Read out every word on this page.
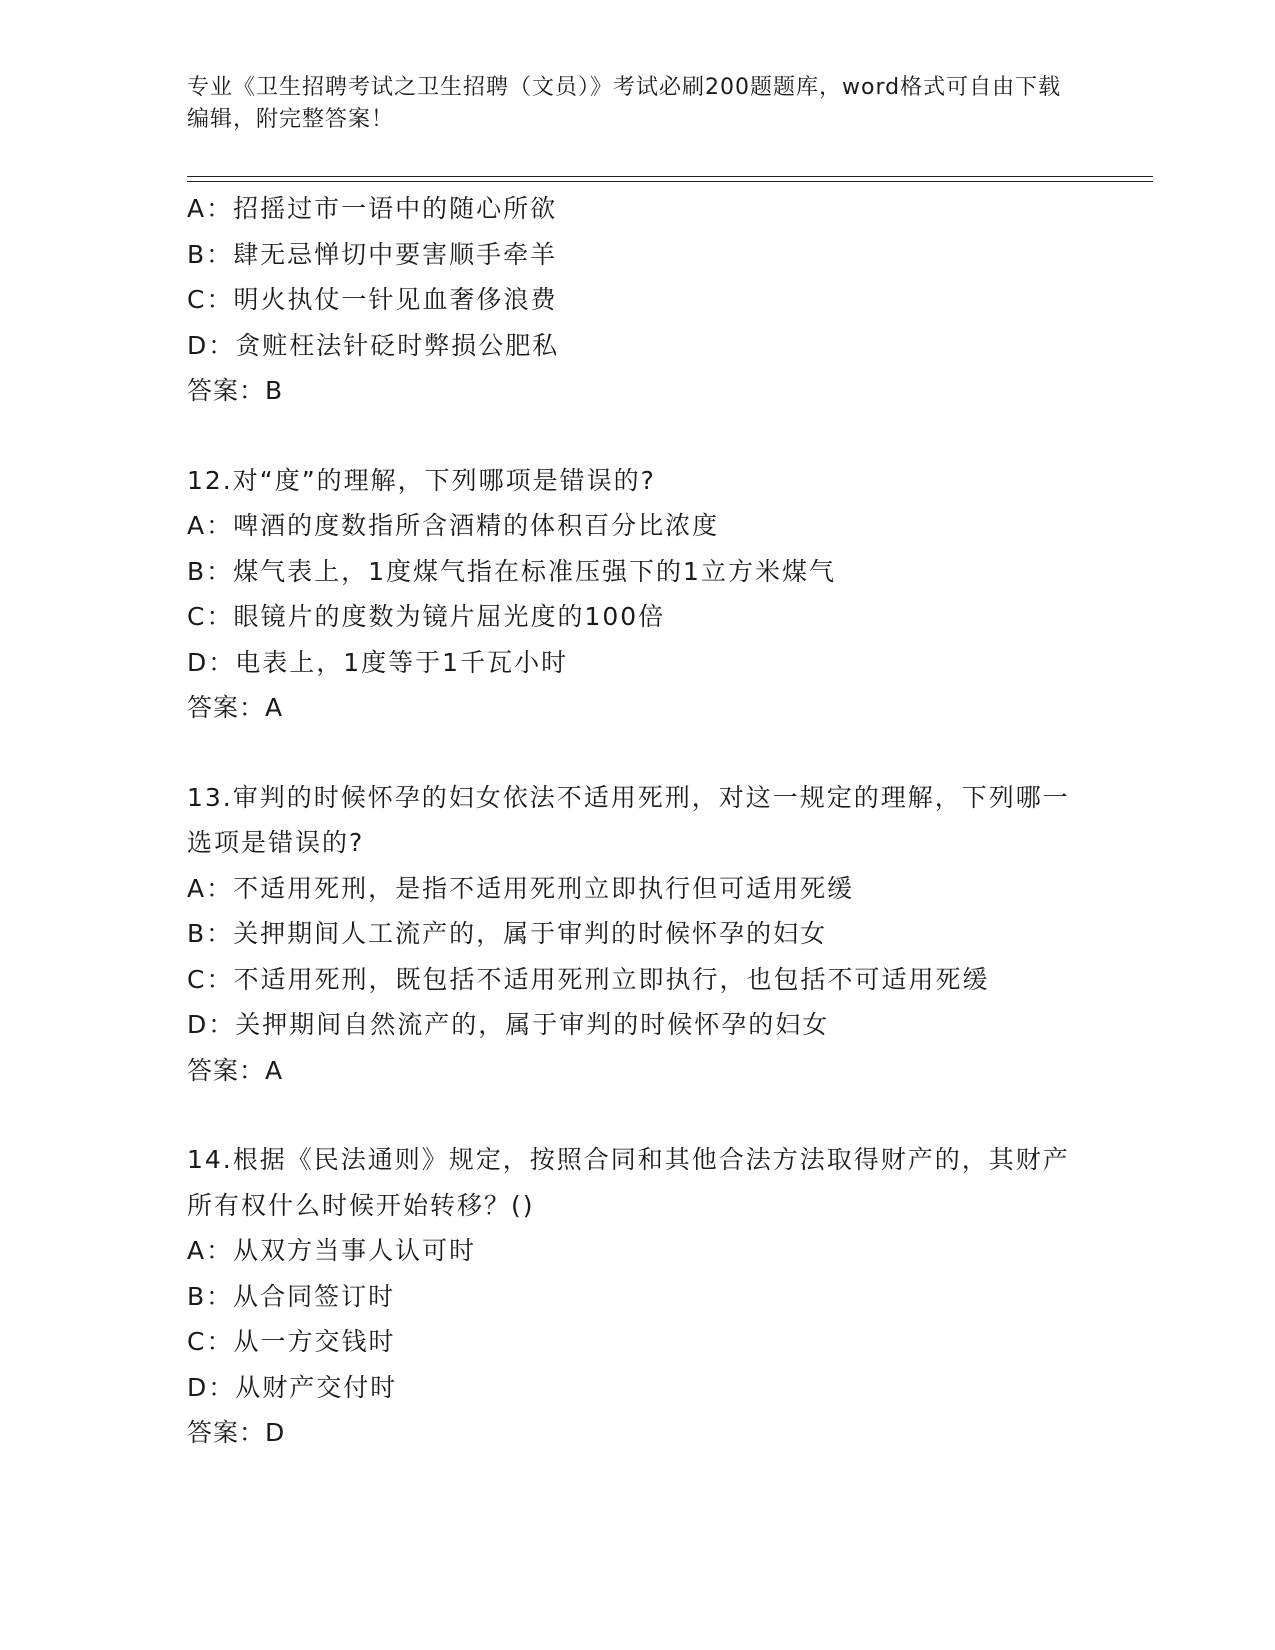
专业《卫生招聘考试之卫生招聘（文员）》考试必刷200题题库，word格式可自由下载编辑，附完整答案！
A：招摇过市一语中的随心所欲
B：肆无忌惮切中要害顺手牵羊
C：明火执仗一针见血奢侈浪费
D：贪赃枉法针砭时弊损公肥私
答案：B
12.对“度”的理解，下列哪项是错误的?
A：啤酒的度数指所含酒精的体积百分比浓度
B：煤气表上，1度煤气指在标准压强下的1立方米煤气
C：眼镜片的度数为镜片屈光度的100倍
D：电表上，1度等于1千瓦小时
答案：A
13.审判的时候怀孕的妇女依法不适用死刑，对这一规定的理解，下列哪一选项是错误的?
A：不适用死刑，是指不适用死刑立即执行但可适用死缓
B：关押期间人工流产的，属于审判的时候怀孕的妇女
C：不适用死刑，既包括不适用死刑立即执行，也包括不可适用死缓
D：关押期间自然流产的，属于审判的时候怀孕的妇女
答案：A
14.根据《民法通则》规定，按照合同和其他合法方法取得财产的，其财产所有权什么时候开始转移？()
A：从双方当事人认可时
B：从合同签订时
C：从一方交钱时
D：从财产交付时
答案：D
